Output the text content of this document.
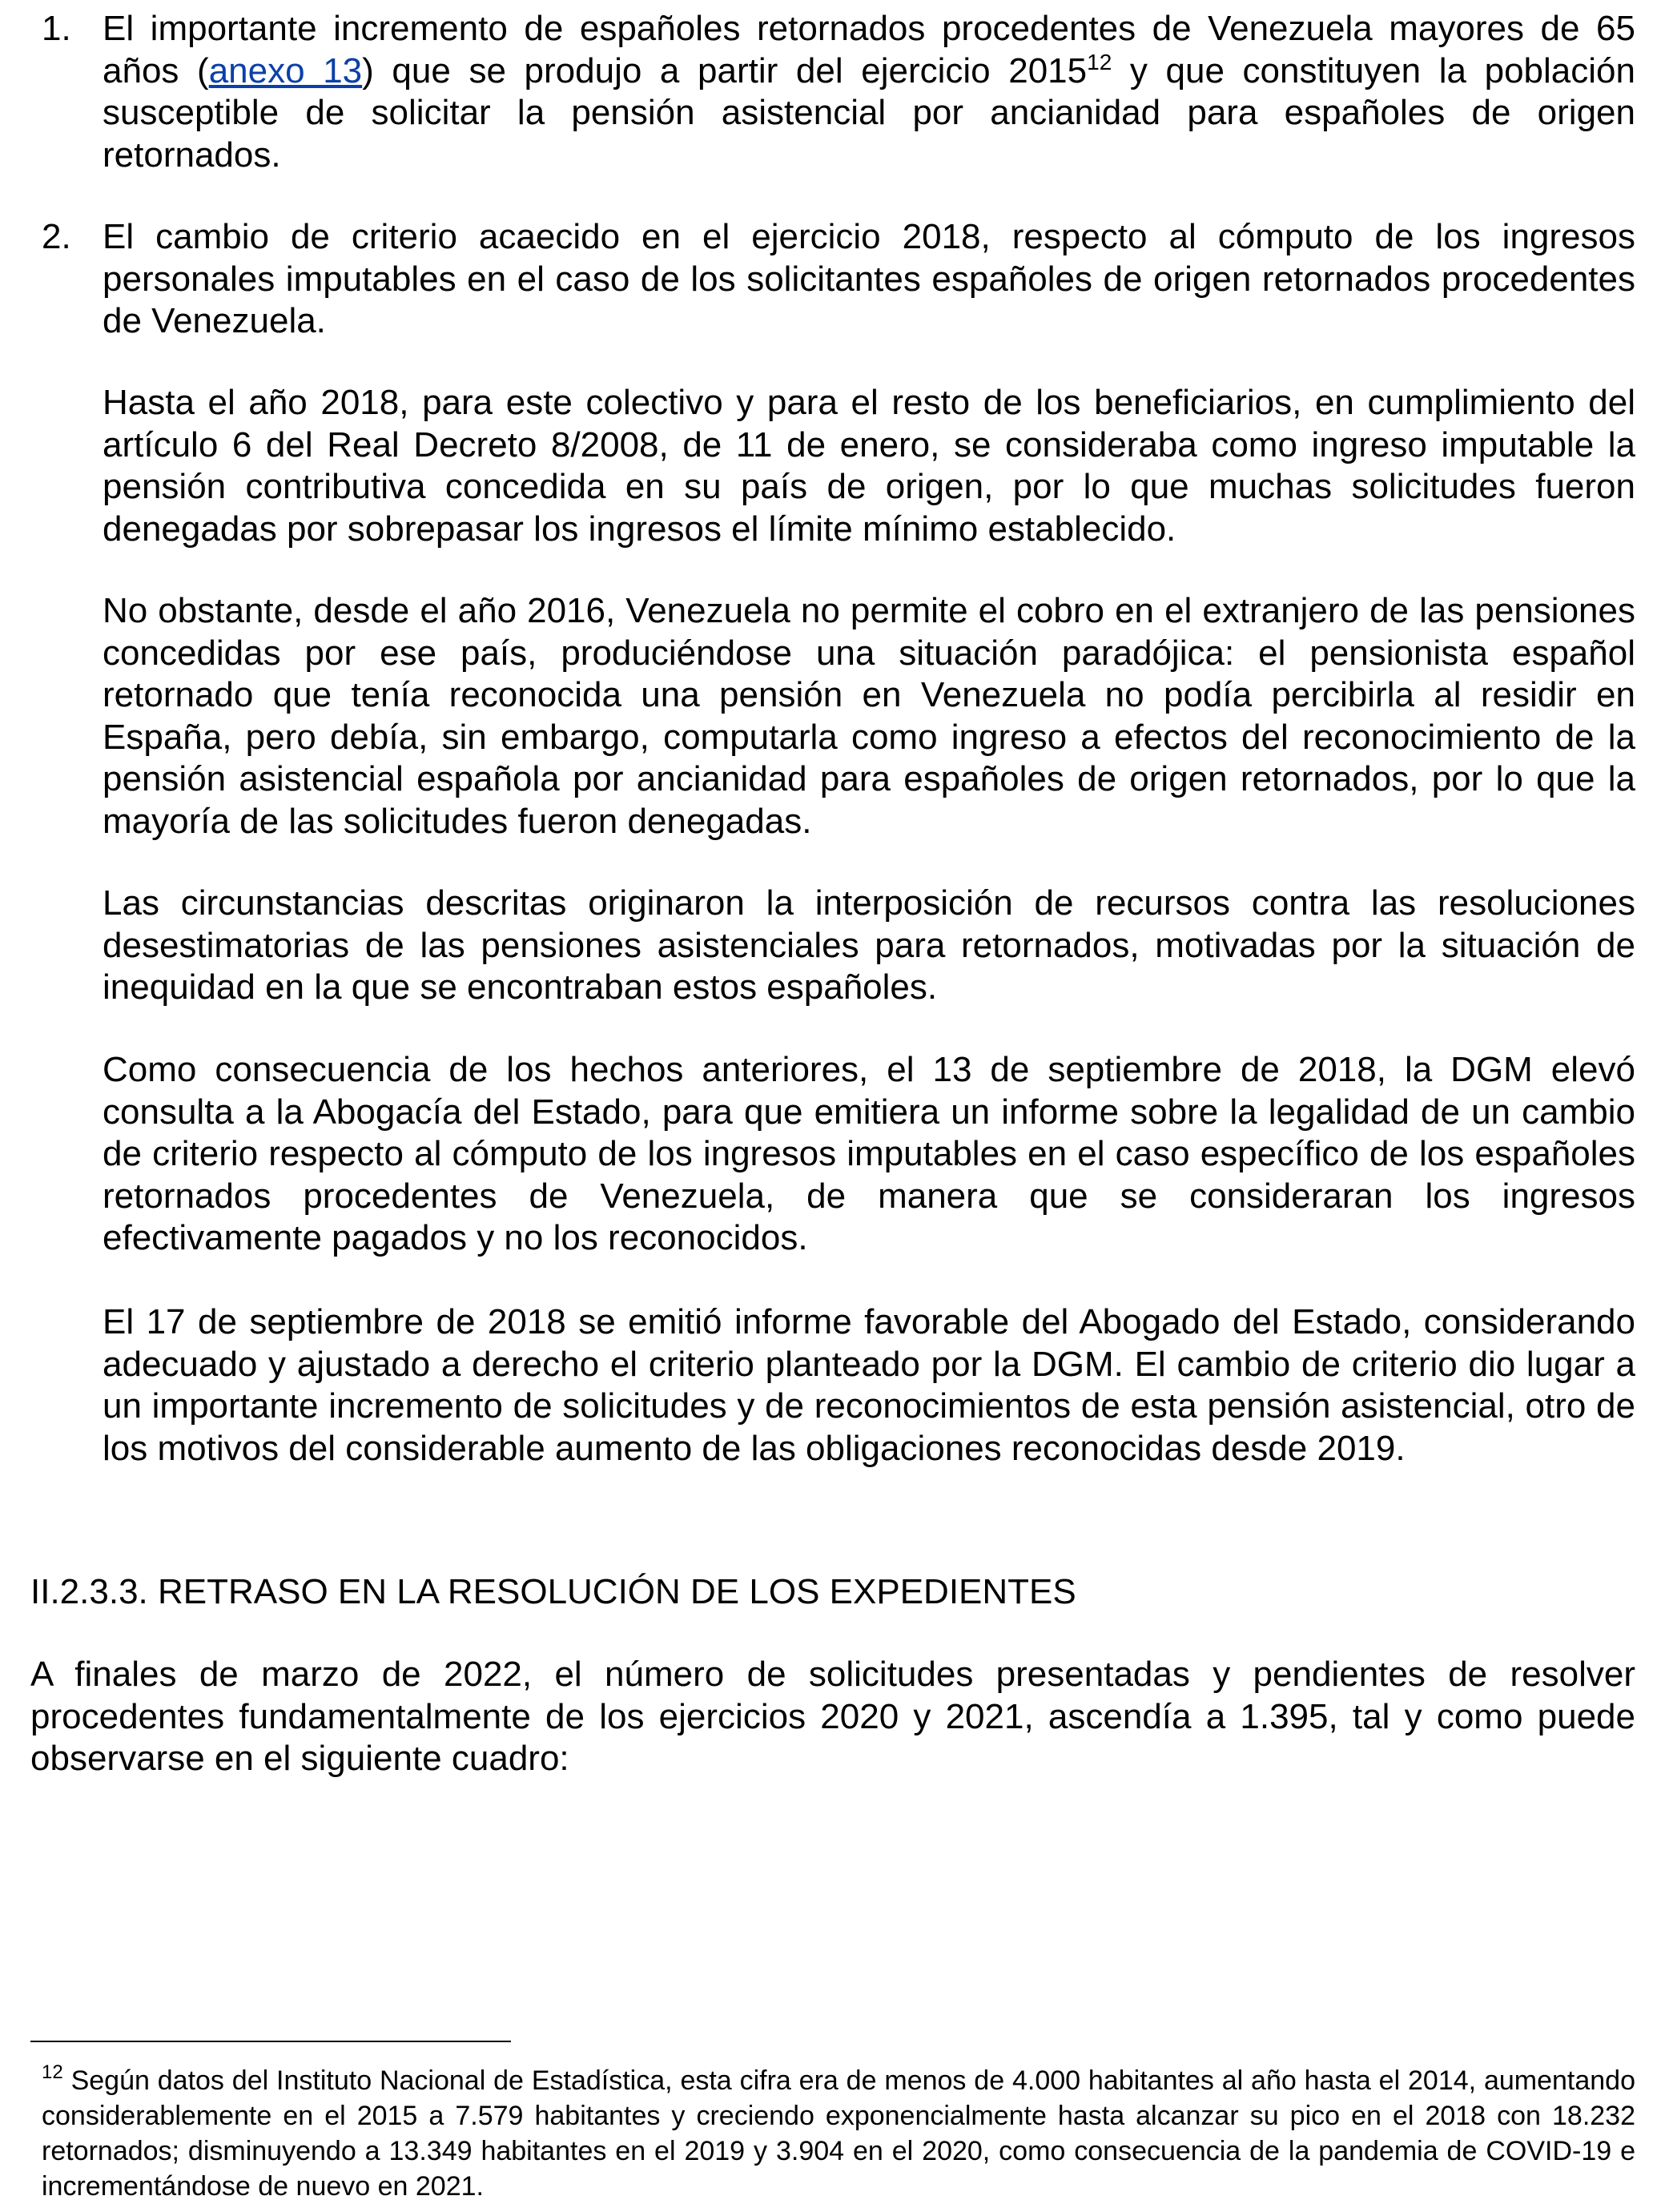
1. El importante incremento de españoles retornados procedentes de Venezuela mayores de 65 años (anexo 13) que se produjo a partir del ejercicio 2015$^{12}$ y que constituyen la población susceptible de solicitar la pensión asistencial por ancianidad para españoles de origen retornados.

2. El cambio de criterio acaecido en el ejercicio 2018, respecto al cómputo de los ingresos personales imputables en el caso de los solicitantes españoles de origen retornados procedentes de Venezuela.

Hasta el año 2018, para este colectivo y para el resto de los beneficiarios, en cumplimiento del artículo 6 del Real Decreto 8/2008, de 11 de enero, se consideraba como ingreso imputable la pensión contributiva concedida en su país de origen, por lo que muchas solicitudes fueron denegadas por sobrepasar los ingresos el límite mínimo establecido.

No obstante, desde el año 2016, Venezuela no permite el cobro en el extranjero de las pensiones concedidas por ese país, produciéndose una situación paradójica: el pensionista español retornado que tenía reconocida una pensión en Venezuela no podía percibirla al residir en España, pero debía, sin embargo, computarla como ingreso a efectos del reconocimiento de la pensión asistencial española por ancianidad para españoles de origen retornados, por lo que la mayoría de las solicitudes fueron denegadas.

Las circunstancias descritas originaron la interposición de recursos contra las resoluciones desestimatorias de las pensiones asistenciales para retornados, motivadas por la situación de inequidad en la que se encontraban estos españoles.

Como consecuencia de los hechos anteriores, el 13 de septiembre de 2018, la DGM elevó consulta a la Abogacía del Estado, para que emitiera un informe sobre la legalidad de un cambio de criterio respecto al cómputo de los ingresos imputables en el caso específico de los españoles retornados procedentes de Venezuela, de manera que se consideraran los ingresos efectivamente pagados y no los reconocidos.

El 17 de septiembre de 2018 se emitió informe favorable del Abogado del Estado, considerando adecuado y ajustado a derecho el criterio planteado por la DGM. El cambio de criterio dio lugar a un importante incremento de solicitudes y de reconocimientos de esta pensión asistencial, otro de los motivos del considerable aumento de las obligaciones reconocidas desde 2019.

II.2.3.3. RETRASO EN LA RESOLUCIÓN DE LOS EXPEDIENTES

A finales de marzo de 2022, el número de solicitudes presentadas y pendientes de resolver procedentes fundamentalmente de los ejercicios 2020 y 2021, ascendía a 1.395, tal y como puede observarse en el siguiente cuadro:

$^{12}$ Según datos del Instituto Nacional de Estadística, esta cifra era de menos de 4.000 habitantes al año hasta el 2014, aumentando considerablemente en el 2015 a 7.579 habitantes y creciendo exponencialmente hasta alcanzar su pico en el 2018 con 18.232 retornados; disminuyendo a 13.349 habitantes en el 2019 y 3.904 en el 2020, como consecuencia de la pandemia de COVID-19 e incrementándose de nuevo en 2021.
